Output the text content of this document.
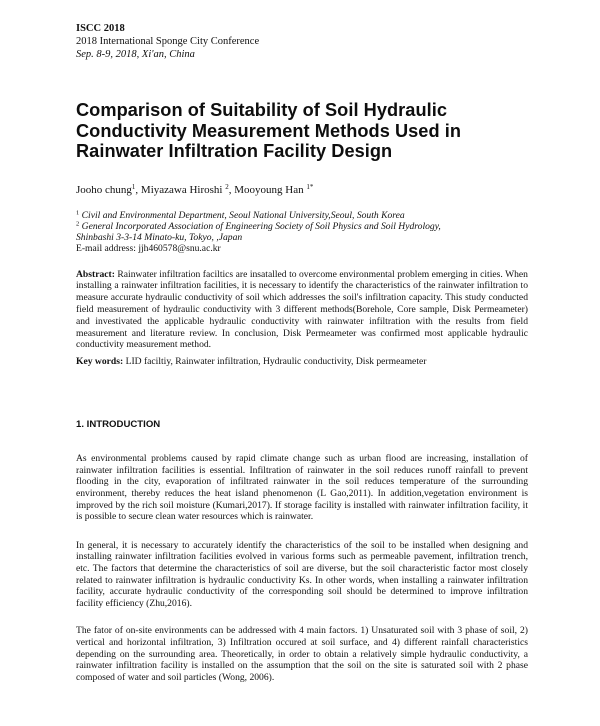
ISCC 2018
2018 International Sponge City Conference
Sep. 8-9, 2018, Xi'an, China
Comparison of Suitability of Soil Hydraulic Conductivity Measurement Methods Used in Rainwater Infiltration Facility Design
Jooho chung$^1$, Miyazawa Hiroshi $^2$, Mooyoung Han $^{1*}$
$^1$ Civil and Environmental Department, Seoul National University,Seoul, South Korea
$^2$ General Incorporated Association of Engineering Society of Soil Physics and Soil Hydrology,
Shinbashi 3-3-14 Minato-ku, Tokyo, ,Japan
E-mail address: jjh460578@snu.ac.kr
Abstract: Rainwater infiltration faciltics are insatalled to overcome environmental problem emerging in cities. When installing a rainwater infiltration facilities, it is necessary to identify the characteristics of the rainwater infiltration to measure accurate hydraulic conductivity of soil which addresses the soil's infiltration capacity. This study conducted field measurement of hydraulic conductivity with 3 different methods(Borehole, Core sample, Disk Permeameter) and investivated the applicable hydraulic conductivity with rainwater infiltration with the results from field measurement and literature review. In conclusion, Disk Permeameter was confirmed most applicable hydraulic conductivity measurement method.
Key words: LID faciltiy, Rainwater infiltration, Hydraulic conductivity, Disk permeameter
1. INTRODUCTION

As environmental problems caused by rapid climate change such as urban flood are increasing, installation of rainwater infiltration facilities is essential. Infiltration of rainwater in the soil reduces runoff rainfall to prevent flooding in the city, evaporation of infiltrated rainwater in the soil reduces temperature of the surrounding environment, thereby reduces the heat island phenomenon (L Gao,2011). In addition,vegetation environment is improved by the rich soil moisture (Kumari,2017). If storage facility is installed with rainwater infiltration facility, it is possible to secure clean water resources which is rainwater.

In general, it is necessary to accurately identify the characteristics of the soil to be installed when designing and installing rainwater infiltration facilities evolved in various forms such as permeable pavement, infiltration trench, etc. The factors that determine the characteristics of soil are diverse, but the soil characteristic factor most closely related to rainwater infiltration is hydraulic conductivity Ks. In other words, when installing a rainwater infiltration facility, accurate hydraulic conductivity of the corresponding soil should be determined to improve infiltration facility efficiency (Zhu,2016).

The fator of on-site environments can be addressed with 4 main factors. 1) Unsaturated soil with 3 phase of soil, 2) vertical and horizontal infiltration, 3) Infiltration occured at soil surface, and 4) different rainfall characteristics depending on the surrounding area. Theoretically, in order to obtain a relatively simple hydraulic conductivity, a rainwater infiltration facility is installed on the assumption that the soil on the site is saturated soil with 2 phase composed of water and soil particles (Wong, 2006).
